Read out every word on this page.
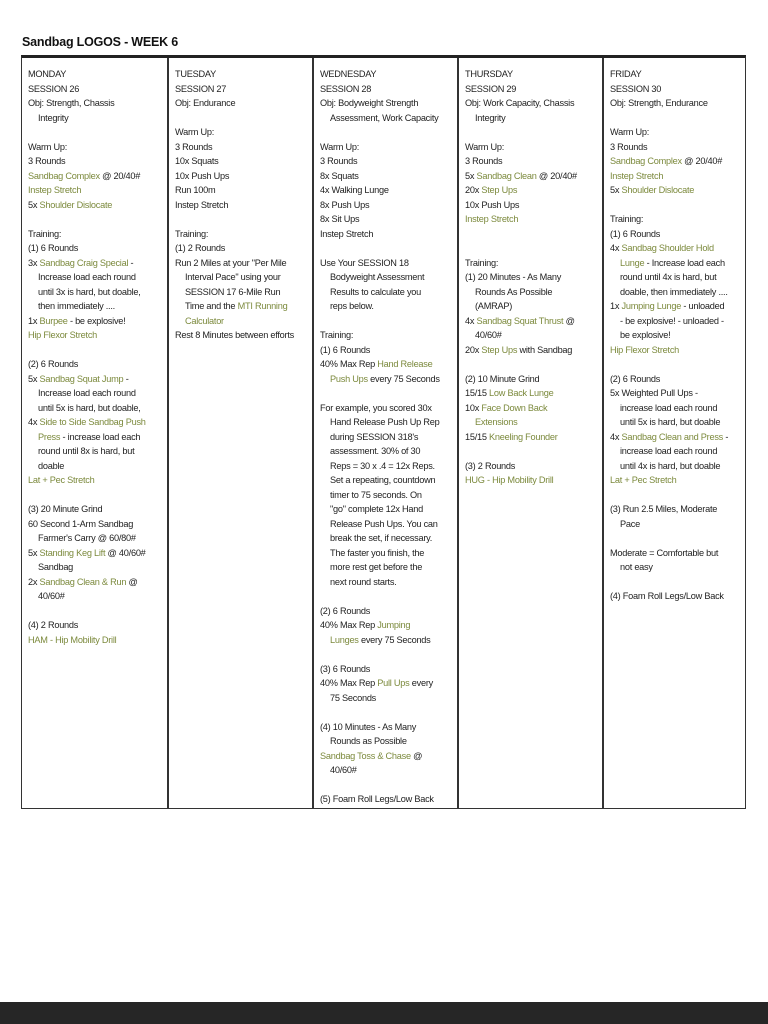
Sandbag LOGOS - WEEK 6
MONDAY
SESSION 26
Obj: Strength, Chassis
Integrity
Warm Up:
3 Rounds
Sandbag Complex @ 20/40#
Instep Stretch
5x Shoulder Dislocate
Training:
(1) 6 Rounds
3x Sandbag Craig Special -
Increase load each round
until 3x is hard, but doable,
then immediately ....
1x Burpee - be explosive!
Hip Flexor Stretch
(2) 6 Rounds
5x Sandbag Squat Jump -
Increase load each round
until 5x is hard, but doable,
4x Side to Side Sandbag Push
Press - increase load each
round until 8x is hard, but
doable
Lat + Pec Stretch
(3) 20 Minute Grind
60 Second 1-Arm Sandbag
Farmer's Carry @ 60/80#
5x Standing Keg Lift @ 40/60#
Sandbag
2x Sandbag Clean & Run @
40/60#
(4) 2 Rounds
HAM - Hip Mobility Drill
TUESDAY
SESSION 27
Obj: Endurance
Warm Up:
3 Rounds
10x Squats
10x Push Ups
Run 100m
Instep Stretch
Training:
(1) 2 Rounds
Run 2 Miles at your "Per Mile
Interval Pace" using your
SESSION 17 6-Mile Run
Time and the MTI Running
Calculator
Rest 8 Minutes between efforts
WEDNESDAY
SESSION 28
Obj: Bodyweight Strength
Assessment, Work Capacity
Warm Up:
3 Rounds
8x Squats
4x Walking Lunge
8x Push Ups
8x Sit Ups
Instep Stretch
Use Your SESSION 18
Bodyweight Assessment
Results to calculate you
reps below.
Training:
(1) 6 Rounds
40% Max Rep Hand Release
Push Ups every 75 Seconds
For example, you scored 30x
Hand Release Push Up Rep
during SESSION 318's
assessment. 30% of 30
Reps = 30 x .4 = 12x Reps.
Set a repeating, countdown
timer to 75 seconds. On
"go" complete 12x Hand
Release Push Ups. You can
break the set, if necessary.
The faster you finish, the
more rest get before the
next round starts.
(2) 6 Rounds
40% Max Rep Jumping
Lunges every 75 Seconds
(3) 6 Rounds
40% Max Rep Pull Ups every
75 Seconds
(4) 10 Minutes - As Many
Rounds as Possible
Sandbag Toss & Chase @
40/60#
(5) Foam Roll Legs/Low Back
THURSDAY
SESSION 29
Obj: Work Capacity, Chassis
Integrity
Warm Up:
3 Rounds
5x Sandbag Clean @ 20/40#
20x Step Ups
10x Push Ups
Instep Stretch
Training:
(1) 20 Minutes - As Many
Rounds As Possible
(AMRAP)
4x Sandbag Squat Thrust @
40/60#
20x Step Ups with Sandbag
(2) 10 Minute Grind
15/15 Low Back Lunge
10x Face Down Back
Extensions
15/15 Kneeling Founder
(3) 2 Rounds
HUG - Hip Mobility Drill
FRIDAY
SESSION 30
Obj: Strength, Endurance
Warm Up:
3 Rounds
Sandbag Complex @ 20/40#
Instep Stretch
5x Shoulder Dislocate
Training:
(1) 6 Rounds
4x Sandbag Shoulder Hold
Lunge - Increase load each
round until 4x is hard, but
doable, then immediately ....
1x Jumping Lunge - unloaded
- be explosive! - unloaded -
be explosive!
Hip Flexor Stretch
(2) 6 Rounds
5x Weighted Pull Ups -
increase load each round
until 5x is hard, but doable
4x Sandbag Clean and Press -
increase load each round
until 4x is hard, but doable
Lat + Pec Stretch
(3) Run 2.5 Miles, Moderate
Pace
Moderate = Comfortable but
not easy
(4) Foam Roll Legs/Low Back
